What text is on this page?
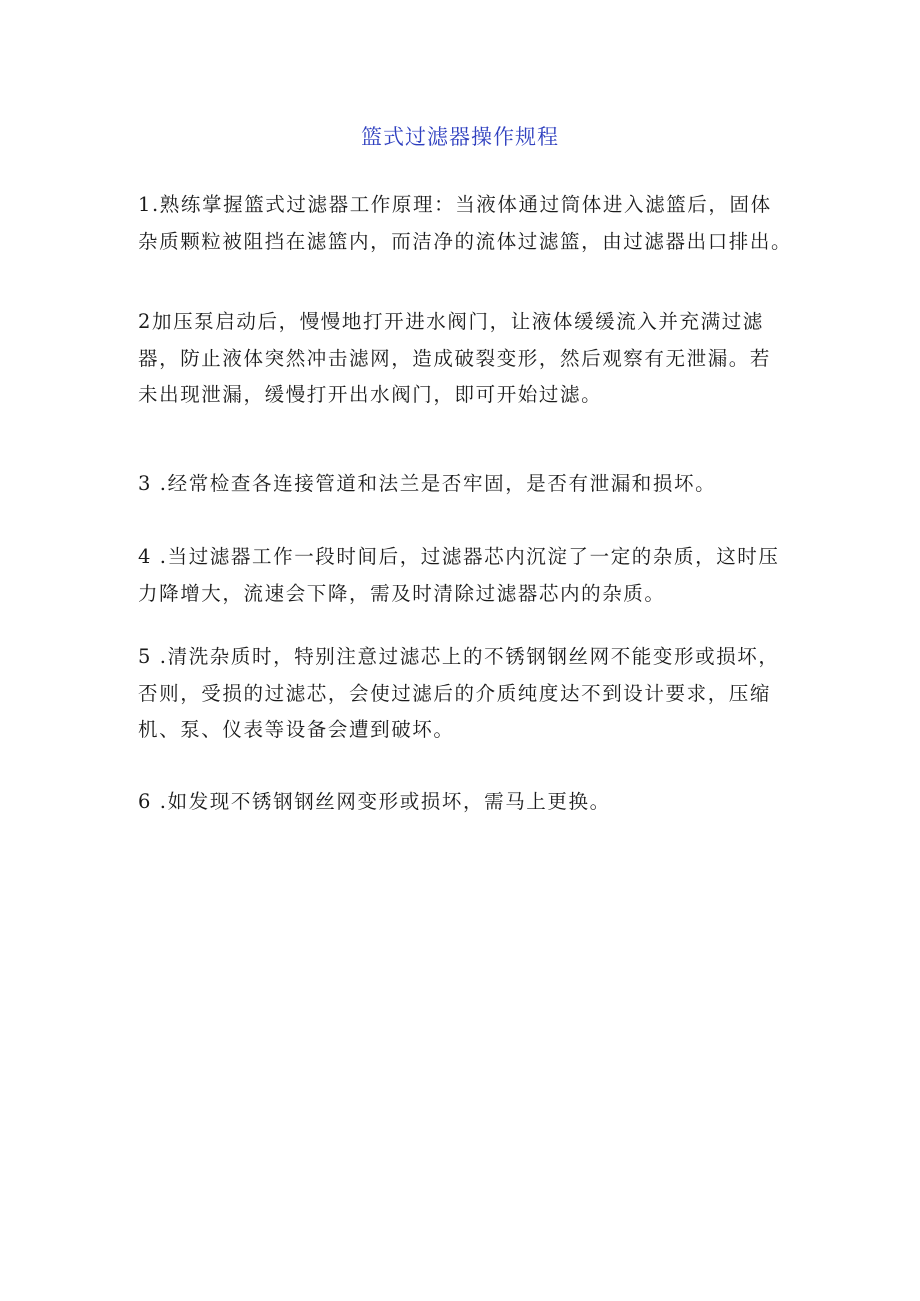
篮式过滤器操作规程
1.熟练掌握篮式过滤器工作原理：当液体通过筒体进入滤篮后，固体
杂质颗粒被阻挡在滤篮内，而洁净的流体过滤篮，由过滤器出口排出。
2加压泵启动后，慢慢地打开进水阀门，让液体缓缓流入并充满过滤
器，防止液体突然冲击滤网，造成破裂变形，然后观察有无泄漏。若
未出现泄漏，缓慢打开出水阀门，即可开始过滤。
3 .经常检查各连接管道和法兰是否牢固，是否有泄漏和损坏。
4 .当过滤器工作一段时间后，过滤器芯内沉淀了一定的杂质，这时压
力降增大，流速会下降，需及时清除过滤器芯内的杂质。
5 .清洗杂质时，特别注意过滤芯上的不锈钢钢丝网不能变形或损坏，
否则，受损的过滤芯，会使过滤后的介质纯度达不到设计要求，压缩
机、泵、仪表等设备会遭到破坏。
6 .如发现不锈钢钢丝网变形或损坏，需马上更换。
